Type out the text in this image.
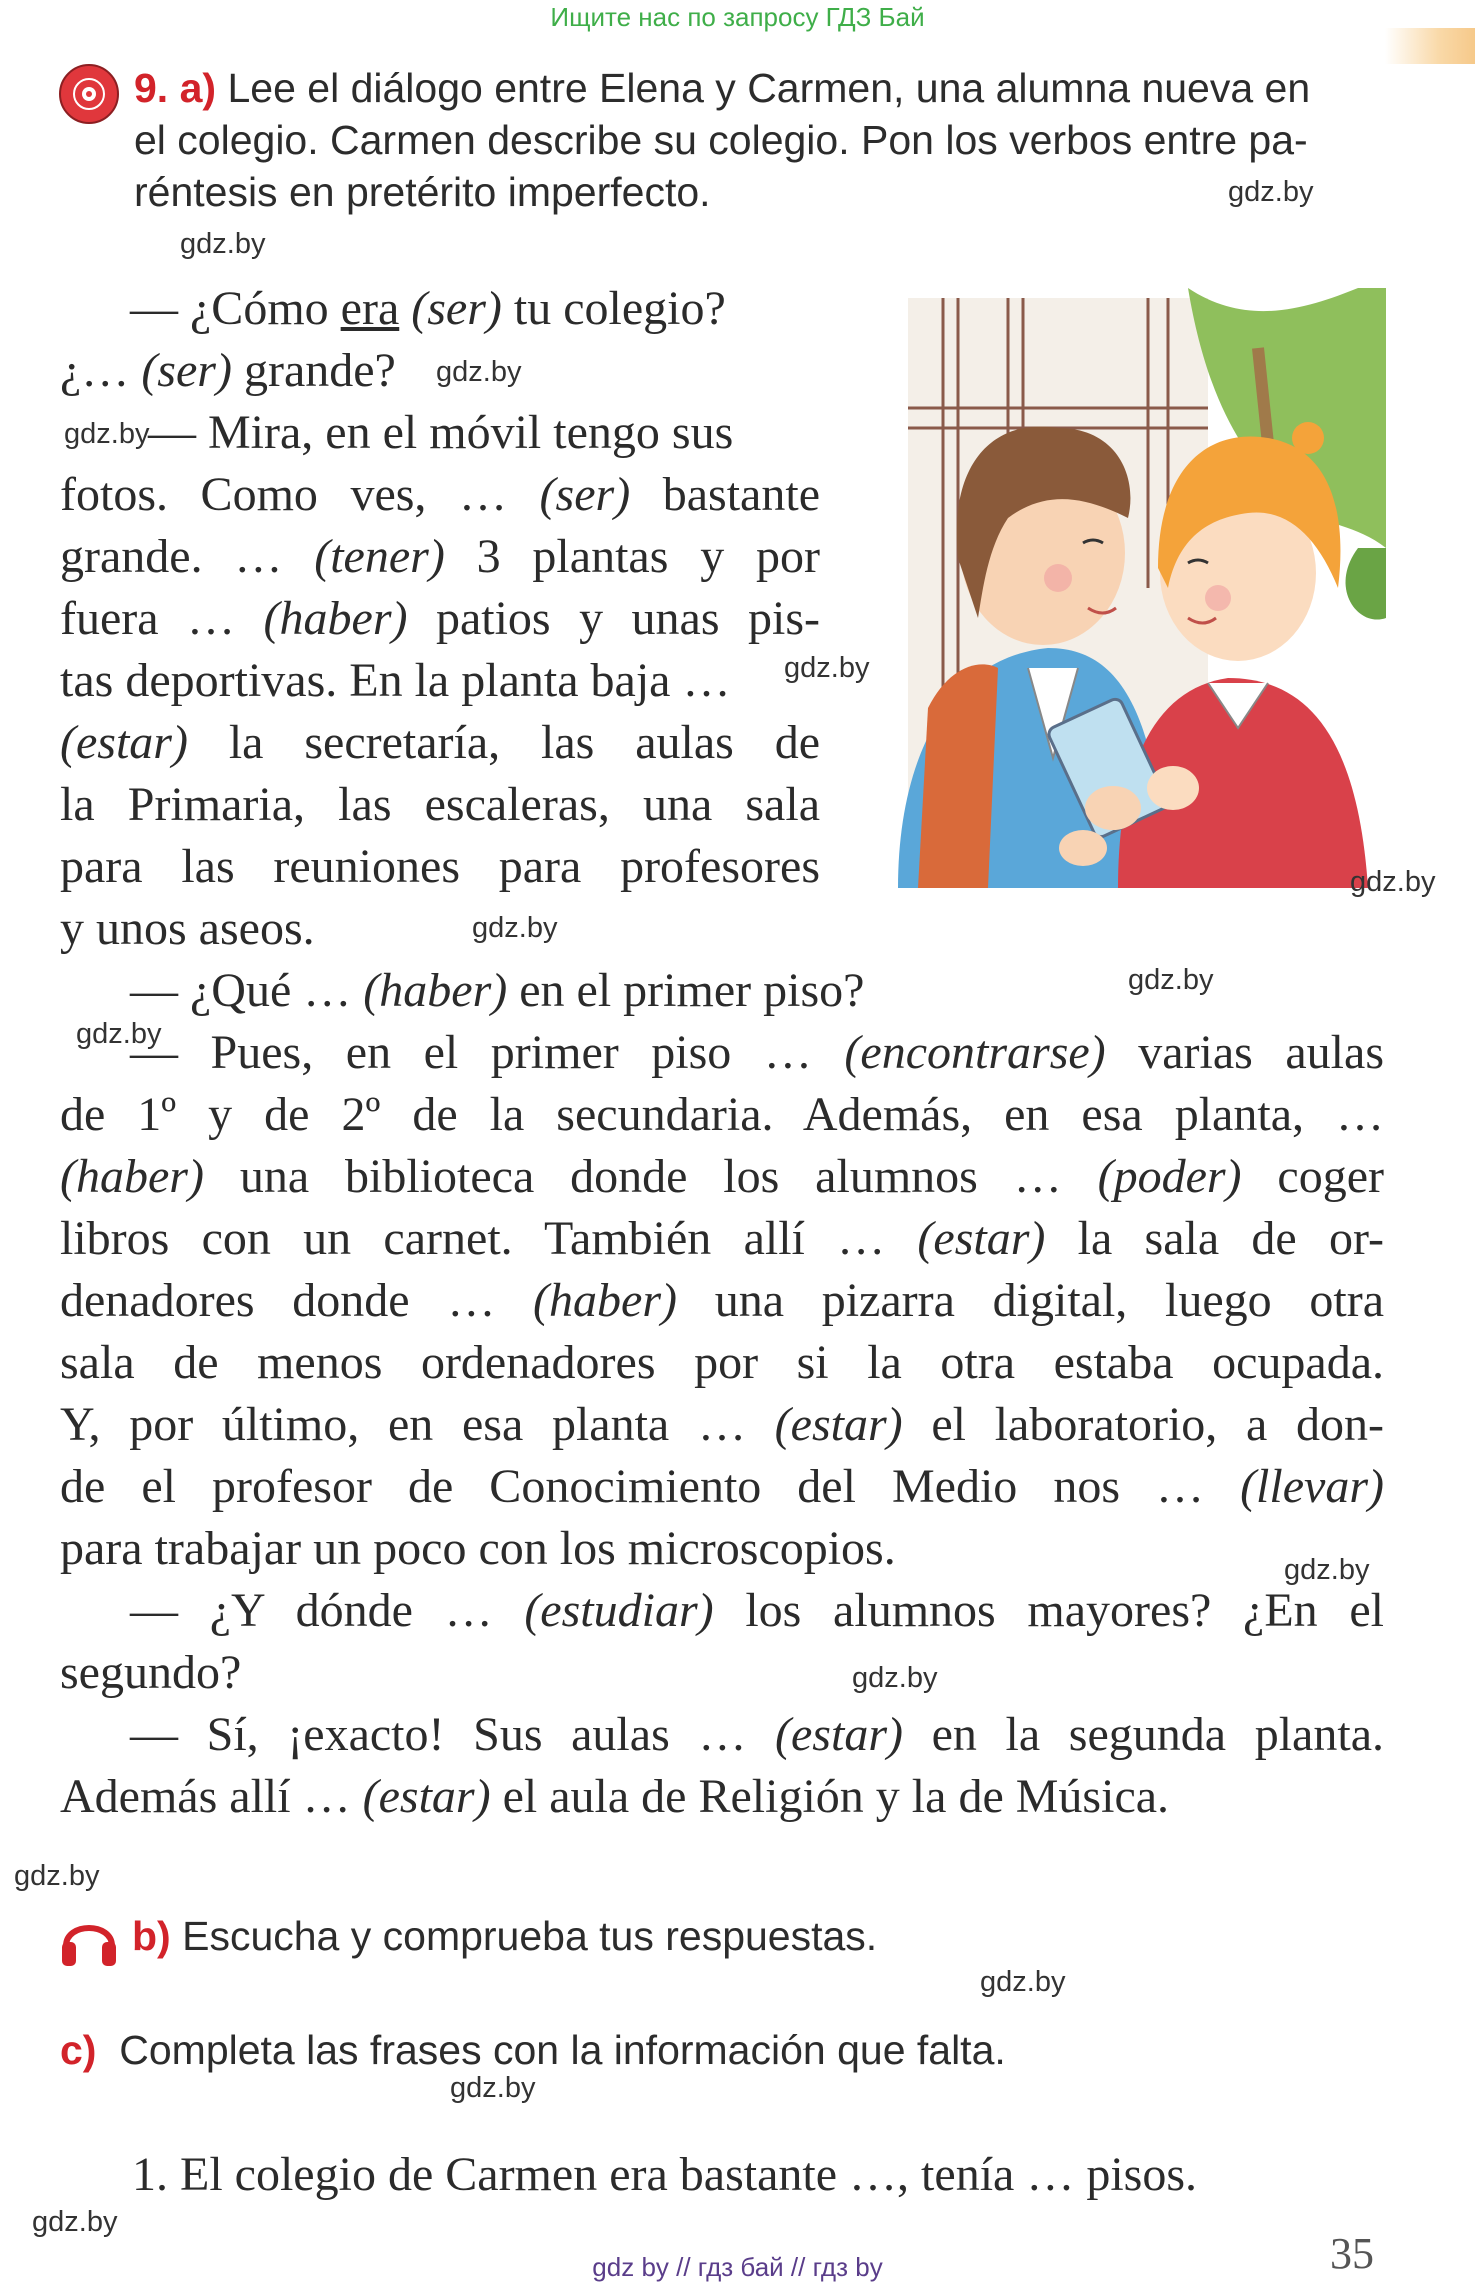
Ищите нас по запросу ГДЗ Бай
9. a) Lee el diálogo entre Elena y Carmen, una alumna nueva en
el colegio. Carmen describe su colegio. Pon los verbos entre pa-
réntesis en pretérito imperfecto.
— ¿Cómo era (ser) tu colegio?
¿… (ser) grande?
— Mira, en el móvil tengo sus
fotos. Como ves, … (ser) bastante
grande. … (tener) 3 plantas y por
fuera … (haber) patios y unas pis-
tas deportivas. En la planta baja …
(estar) la secretaría, las aulas de
la Primaria, las escaleras, una sala
para las reuniones para profesores
y unos aseos.
— ¿Qué … (haber) en el primer piso?
— Pues, en el primer piso … (encontrarse) varias aulas
de 1º y de 2º de la secundaria. Además, en esa planta, …
(haber) una biblioteca donde los alumnos … (poder) coger
libros con un carnet. También allí … (estar) la sala de or-
denadores donde … (haber) una pizarra digital, luego otra
sala de menos ordenadores por si la otra estaba ocupada.
Y, por último, en esa planta … (estar) el laboratorio, a don-
de el profesor de Conocimiento del Medio nos … (llevar)
para trabajar un poco con los microscopios.
— ¿Y dónde … (estudiar) los alumnos mayores? ¿En el
segundo?
— Sí, ¡exacto! Sus aulas … (estar) en la segunda planta.
Además allí … (estar) el aula de Religión y la de Música.
b) Escucha y comprueba tus respuestas.
c) Completa las frases con la información que falta.
1. El colegio de Carmen era bastante …, tenía … pisos.
35
gdz.by
gdz.by
gdz.by
gdz.by
gdz.by
gdz.by
gdz.by
gdz.by
gdz.by
gdz.by
gdz.by
gdz.by
gdz.by
gdz.by
gdz.by
gdz by // гдз бай // гдз by
